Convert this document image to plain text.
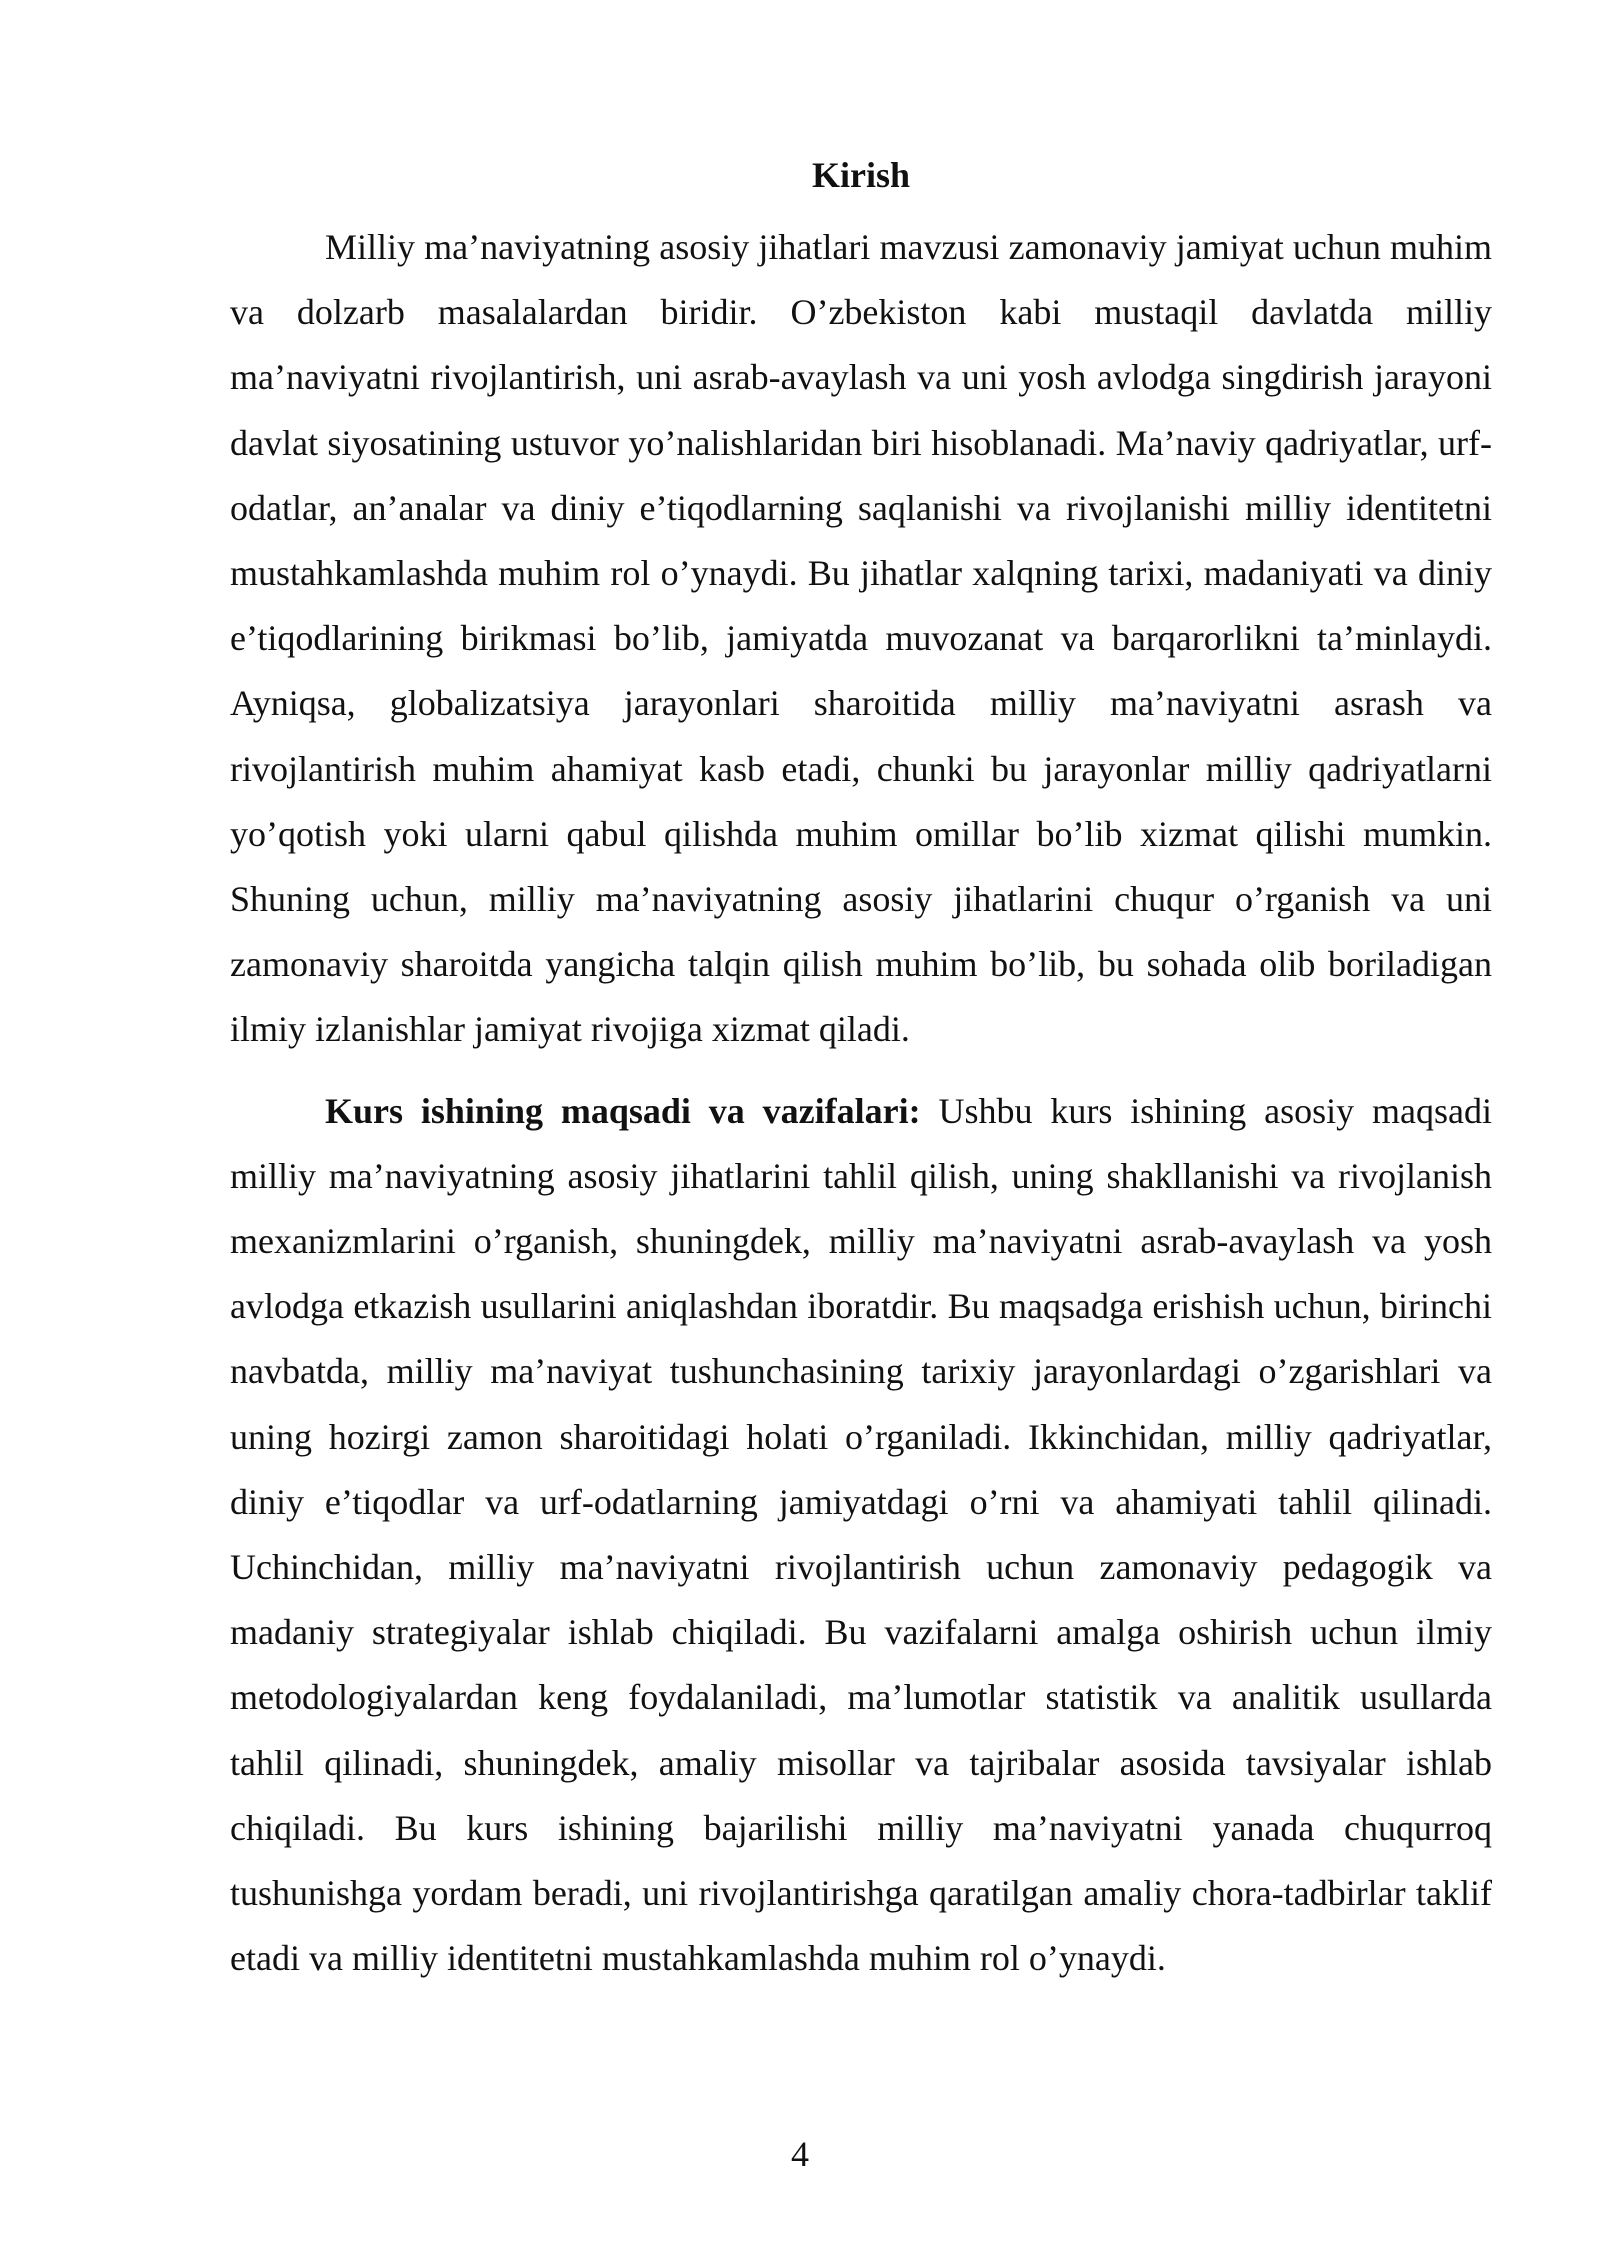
Kirish

Milliy ma’naviyatning asosiy jihatlari mavzusi zamonaviy jamiyat uchun muhim va dolzarb masalalardan biridir. O’zbekiston kabi mustaqil davlatda milliy ma’naviyatni rivojlantirish, uni asrab-avaylash va uni yosh avlodga singdirish jarayoni davlat siyosatining ustuvor yo’nalishlaridan biri hisoblanadi. Ma’naviy qadriyatlar, urf-odatlar, an’analar va diniy e’tiqodlarning saqlanishi va rivojlanishi milliy identitetni mustahkamlashda muhim rol o’ynaydi. Bu jihatlar xalqning tarixi, madaniyati va diniy e’tiqodlarining birikmasi bo’lib, jamiyatda muvozanat va barqarorlikni ta’minlaydi. Ayniqsa, globalizatsiya jarayonlari sharoitida milliy ma’naviyatni asrash va rivojlantirish muhim ahamiyat kasb etadi, chunki bu jarayonlar milliy qadriyatlarni yo’qotish yoki ularni qabul qilishda muhim omillar bo’lib xizmat qilishi mumkin. Shuning uchun, milliy ma’naviyatning asosiy jihatlarini chuqur o’rganish va uni zamonaviy sharoitda yangicha talqin qilish muhim bo’lib, bu sohada olib boriladigan ilmiy izlanishlar jamiyat rivojiga xizmat qiladi.

Kurs ishining maqsadi va vazifalari: Ushbu kurs ishining asosiy maqsadi milliy ma’naviyatning asosiy jihatlarini tahlil qilish, uning shakllanishi va rivojlanish mexanizmlarini o’rganish, shuningdek, milliy ma’naviyatni asrab-avaylash va yosh avlodga etkazish usullarini aniqlashdan iboratdir. Bu maqsadga erishish uchun, birinchi navbatda, milliy ma’naviyat tushunchasining tarixiy jarayonlardagi o’zgarishlari va uning hozirgi zamon sharoitidagi holati o’rganiladi. Ikkinchidan, milliy qadriyatlar, diniy e’tiqodlar va urf-odatlarning jamiyatdagi o’rni va ahamiyati tahlil qilinadi. Uchinchidan, milliy ma’naviyatni rivojlantirish uchun zamonaviy pedagogik va madaniy strategiyalar ishlab chiqiladi. Bu vazifalarni amalga oshirish uchun ilmiy metodologiyalardan keng foydalaniladi, ma’lumotlar statistik va analitik usullarda tahlil qilinadi, shuningdek, amaliy misollar va tajribalar asosida tavsiyalar ishlab chiqiladi. Bu kurs ishining bajarilishi milliy ma’naviyatni yanada chuqurroq tushunishga yordam beradi, uni rivojlantirishga qaratilgan amaliy chora-tadbirlar taklif etadi va milliy identitetni mustahkamlashda muhim rol o’ynaydi.

4
